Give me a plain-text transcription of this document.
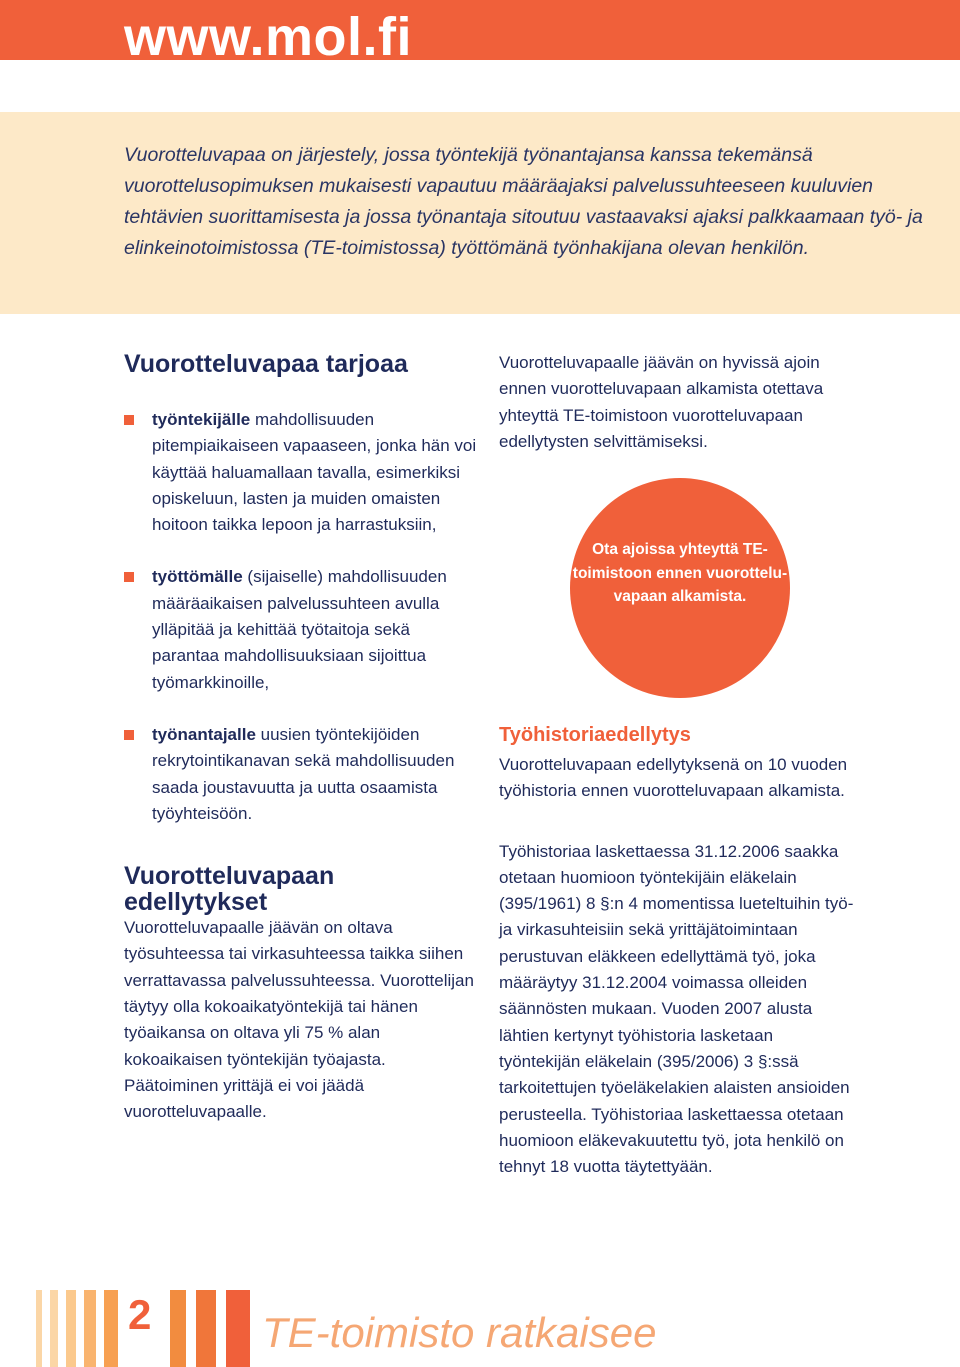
www.mol.fi

Vuorotteluvapaa on järjestely, jossa työntekijä työnantajansa kanssa tekemänsä vuorottelusopimuksen mukaisesti vapautuu määräajaksi palvelussuhteeseen kuuluvien tehtävien suorittamisesta ja jossa työnantaja sitoutuu vastaavaksi ajaksi palkkaamaan työ- ja elinkeinotoimistossa (TE-toimistossa) työttömänä työnhakijana olevan henkilön.

Vuorotteluvapaa tarjoaa
työntekijälle mahdollisuuden pitempiaikaiseen vapaaseen, jonka hän voi käyttää haluamallaan tavalla, esimerkiksi opiskeluun, lasten ja muiden omaisten hoitoon taikka lepoon ja harrastuksiin,
työttömälle (sijaiselle) mahdollisuuden määräaikaisen palvelussuhteen avulla ylläpitää ja kehittää työtaitoja sekä parantaa mahdollisuuksiaan sijoittua työmarkkinoille,
työnantajalle uusien työntekijöiden rekrytointikanavan sekä mahdollisuuden saada joustavuutta ja uutta osaamista työyhteisöön.
Vuorotteluvapaan edellytykset

Vuorotteluvapaalle jäävän on oltava työsuhteessa tai virkasuhteessa taikka siihen verrattavassa palvelussuhteessa. Vuorottelijan täytyy olla kokoaikatyöntekijä tai hänen työaikansa on oltava yli 75 % alan kokoaikaisen työntekijän työajasta. Päätoiminen yrittäjä ei voi jäädä vuorotteluvapaalle.

Vuorotteluvapaalle jäävän on hyvissä ajoin ennen vuorotteluvapaan alkamista otettava yhteyttä TE-toimistoon vuorotteluvapaan edellytysten selvittämiseksi.

Ota ajoissa yhteyttä TE-toimistoon ennen vuorotteluvapaan alkamista.
Työhistoriaedellytys

Vuorotteluvapaan edellytyksenä on 10 vuoden työhistoria ennen vuorotteluvapaan alkamista.

Työhistoriaa laskettaessa 31.12.2006 saakka otetaan huomioon työntekijäin eläkelain (395/1961) 8 §:n 4 momentissa lueteltuihin työ- ja virkasuhteisiin sekä yrittäjätoimintaan perustuvan eläkkeen edellyttämä työ, joka määräytyy 31.12.2004 voimassa olleiden säännösten mukaan. Vuoden 2007 alusta lähtien kertynyt työhistoria lasketaan työntekijän eläkelain (395/2006) 3 §:ssä tarkoitettujen työeläkelakien alaisten ansioiden perusteella. Työhistoriaa laskettaessa otetaan huomioon eläkevakuutettu työ, jota henkilö on tehnyt 18 vuotta täytettyään.

2	TE-toimisto ratkaisee
